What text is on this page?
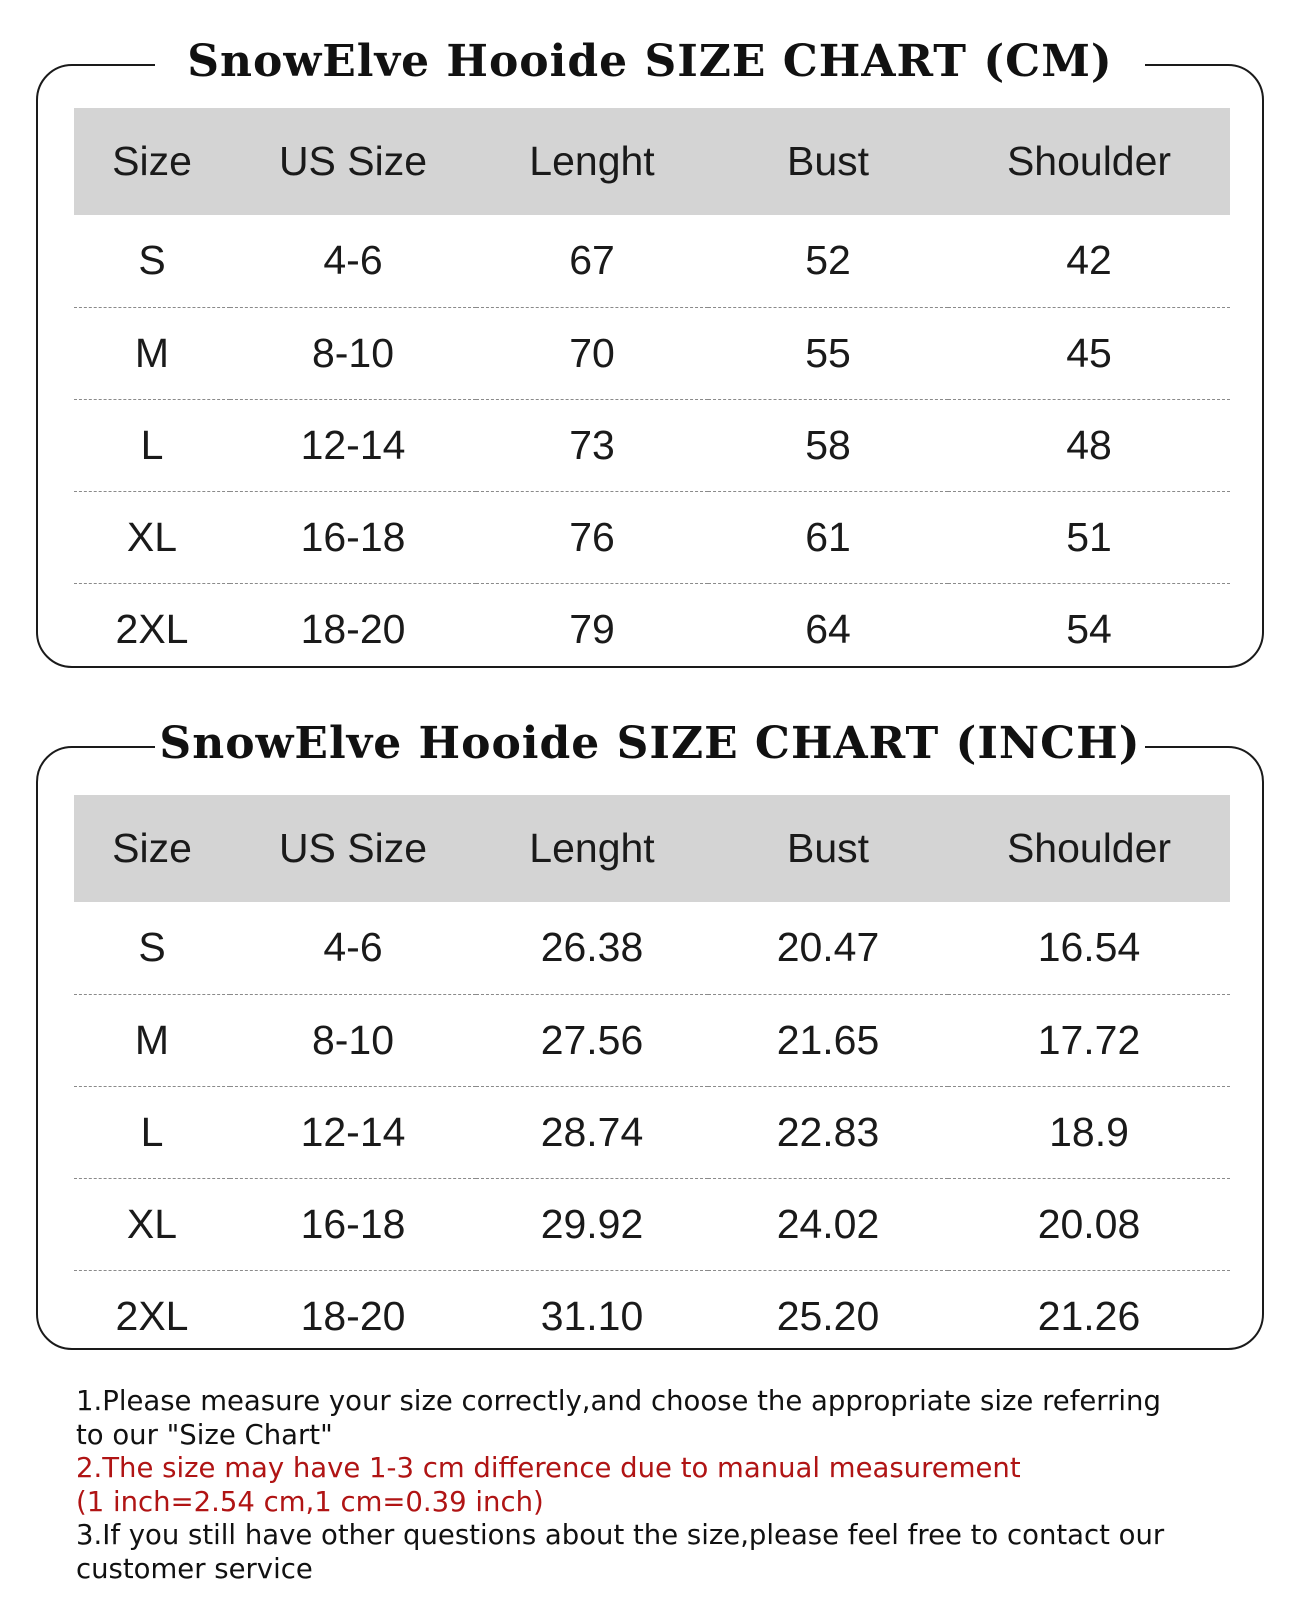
SnowElve Hooide SIZE CHART (CM)
Size	US Size	Lenght	Bust	Shoulder
S	4-6	67	52	42
M	8-10	70	55	45
L	12-14	73	58	48
XL	16-18	76	61	51
2XL	18-20	79	64	54
SnowElve Hooide SIZE CHART (INCH)
Size	US Size	Lenght	Bust	Shoulder
S	4-6	26.38	20.47	16.54
M	8-10	27.56	21.65	17.72
L	12-14	28.74	22.83	18.9
XL	16-18	29.92	24.02	20.08
2XL	18-20	31.10	25.20	21.26
1.Please measure your size correctly,and choose the appropriate size referring
to our "Size Chart"
2.The size may have 1-3 cm difference due to manual measurement
(1 inch=2.54 cm,1 cm=0.39 inch)
3.If you still have other questions about the size,please feel free to contact our
customer service
